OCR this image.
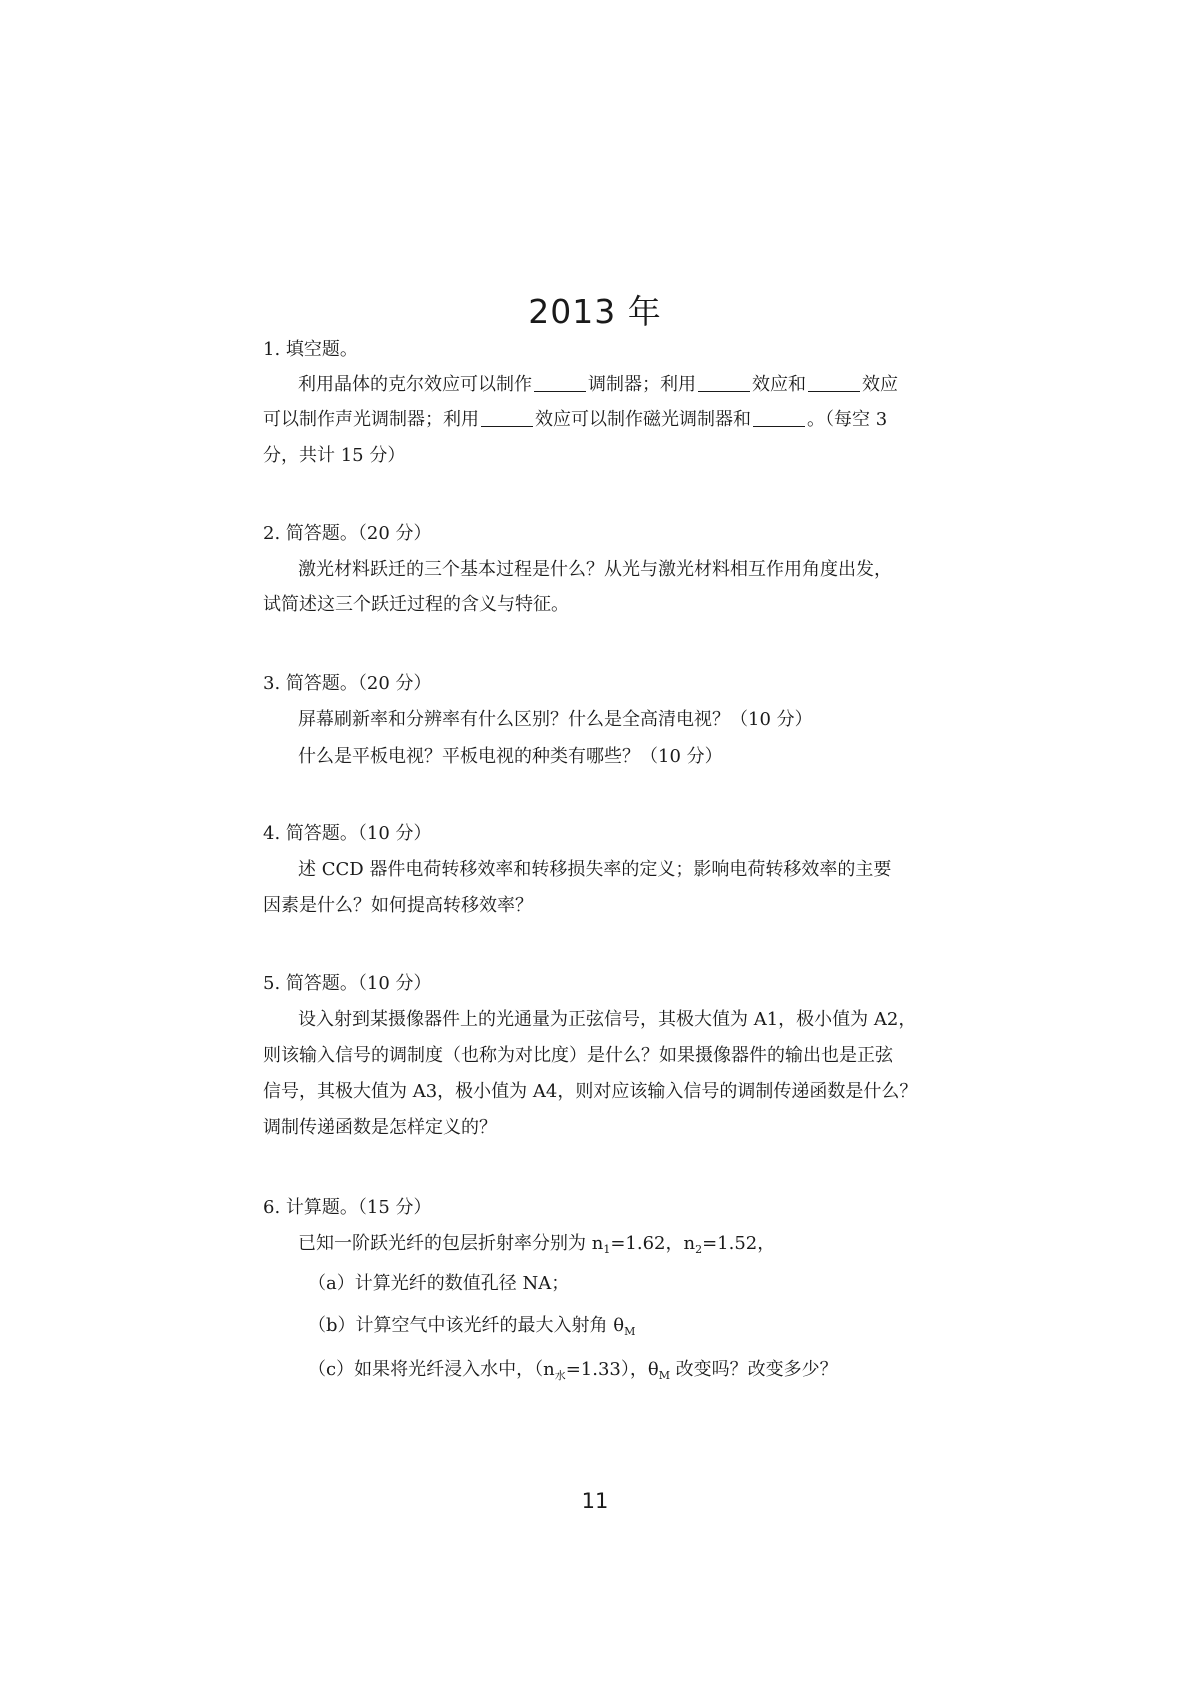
2013 年
1. 填空题。
利用晶体的克尔效应可以制作	调制器；利用	效应和	效应
可以制作声光调制器；利用	效应可以制作磁光调制器和	。（每空 3
分，共计 15 分）
2. 简答题。（20 分）
激光材料跃迁的三个基本过程是什么？从光与激光材料相互作用角度出发，
试简述这三个跃迁过程的含义与特征。
3. 简答题。（20 分）
屏幕刷新率和分辨率有什么区别？什么是全高清电视？（10 分）
什么是平板电视？平板电视的种类有哪些？（10 分）
4. 简答题。（10 分）
述 CCD 器件电荷转移效率和转移损失率的定义；影响电荷转移效率的主要
因素是什么？如何提高转移效率？
5. 简答题。（10 分）
设入射到某摄像器件上的光通量为正弦信号，其极大值为 A1，极小值为 A2，
则该输入信号的调制度（也称为对比度）是什么？如果摄像器件的输出也是正弦
信号，其极大值为 A3，极小值为 A4，则对应该输入信号的调制传递函数是什么？
调制传递函数是怎样定义的？
6. 计算题。（15 分）
已知一阶跃光纤的包层折射率分别为 $n_1=1.62$，$n_2=1.52$，
（a）计算光纤的数值孔径 NA；
（b）计算空气中该光纤的最大入射角 $\theta_M$
（c）如果将光纤浸入水中，$(n_水=1.33)$，$\theta_M$ 改变吗？改变多少？
11
